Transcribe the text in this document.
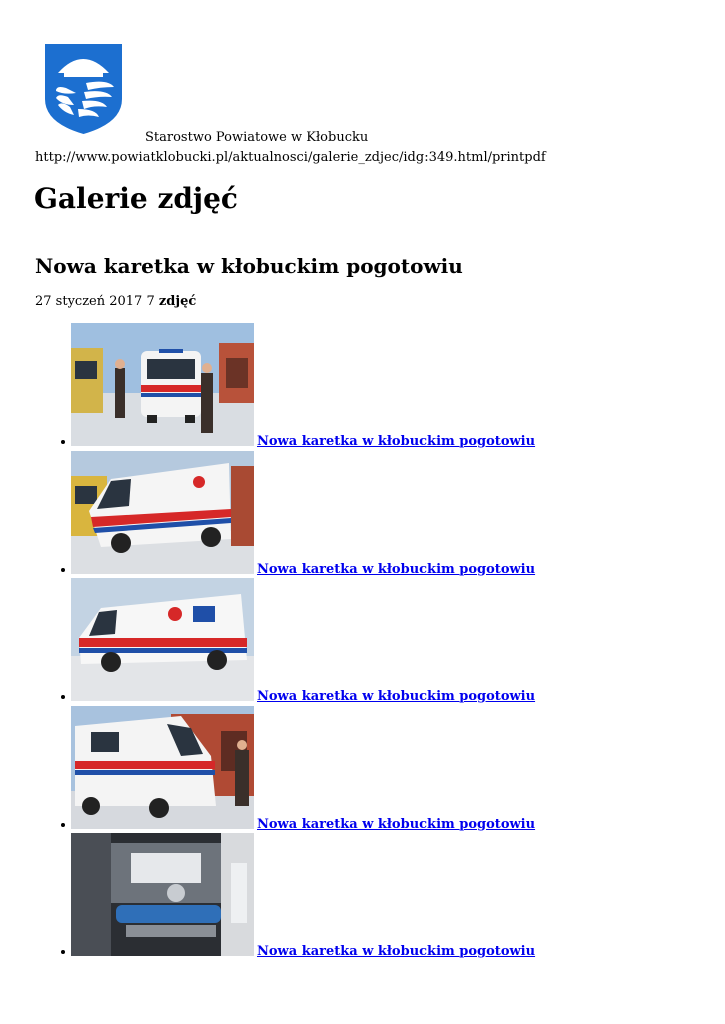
Starostwo Powiatowe w Kłobucku
http://www.powiatklobucki.pl/aktualnosci/galerie_zdjec/idg:349.html/printpdf
Galerie zdjęć
Nowa karetka w kłobuckim pogotowiu
27 styczeń 2017 7 zdjęć
Nowa karetka w kłobuckim pogotowiu
Nowa karetka w kłobuckim pogotowiu
Nowa karetka w kłobuckim pogotowiu
Nowa karetka w kłobuckim pogotowiu
Nowa karetka w kłobuckim pogotowiu
